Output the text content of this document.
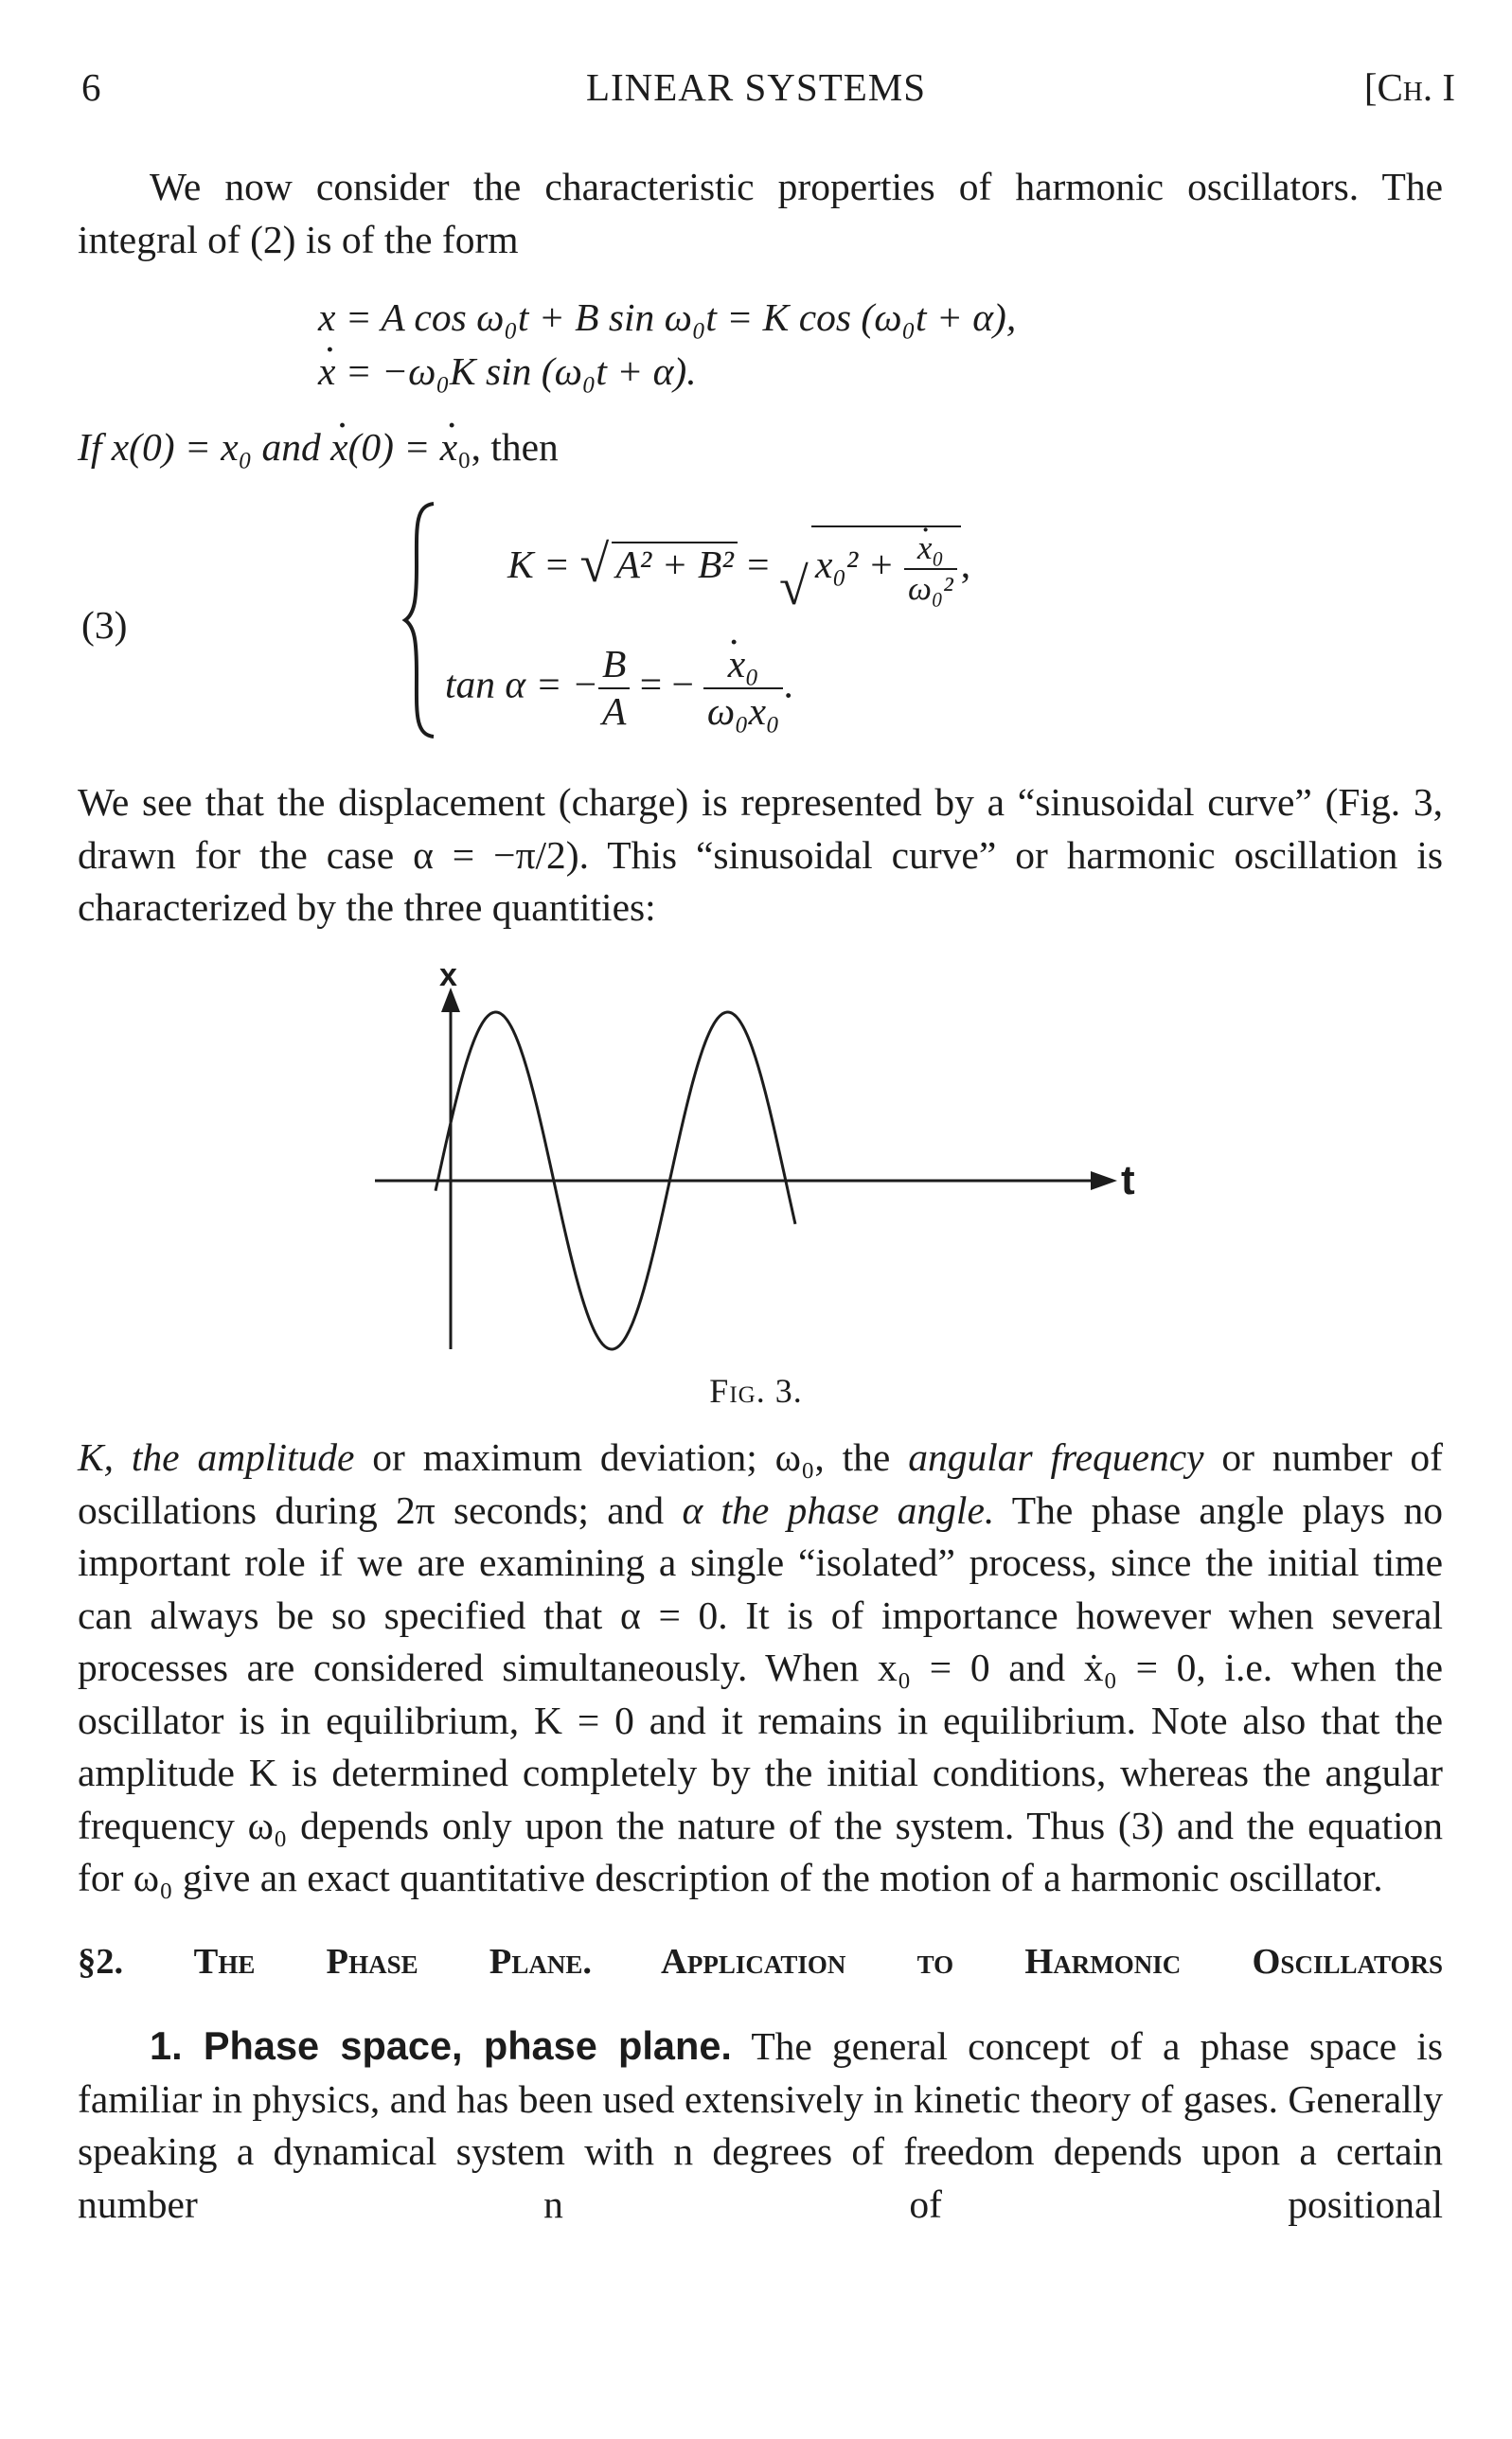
6	LINEAR SYSTEMS	[Ch. I
We now consider the characteristic properties of harmonic oscillators. The integral of (2) is of the form
x = A cos ω₀t + B sin ω₀t = K cos (ω₀t + α),
· x = −ω₀K sin (ω₀t + α).
If x(0) = x₀ and · x(0) = · x₀, then
(3)
K = √ A² + B² = √ x₀² + · $\frac{\text{x₀}}{\text{ω₀²}}$ ,
tan α = − $\frac{B}{A}$ = − · $\frac{\text{x₀}}{\text{ω₀x₀}}$ .
We see that the displacement (charge) is represented by a “sinusoidal curve” (Fig. 3, drawn for the case α = −π/2). This “sinusoidal curve” or harmonic oscillation is characterized by the three quantities:
x
t
Fig. 3.
K, the amplitude or maximum deviation; ω₀, the angular frequency or number of oscillations during 2π seconds; and α the phase angle. The phase angle plays no important role if we are examining a single “isolated” process, since the initial time can always be so specified that α = 0. It is of importance however when several processes are considered simultaneously. When x₀ = 0 and ẋ₀ = 0, i.e. when the oscillator is in equilibrium, K = 0 and it remains in equilibrium. Note also that the amplitude K is determined completely by the initial conditions, whereas the angular frequency ω₀ depends only upon the nature of the system. Thus (3) and the equation for ω₀ give an exact quantitative description of the motion of a harmonic oscillator.
§2. The Phase Plane. Application to Harmonic Oscillators
1. Phase space, phase plane. The general concept of a phase space is familiar in physics, and has been used extensively in kinetic theory of gases. Generally speaking a dynamical system with n degrees of freedom depends upon a certain number n of positional
